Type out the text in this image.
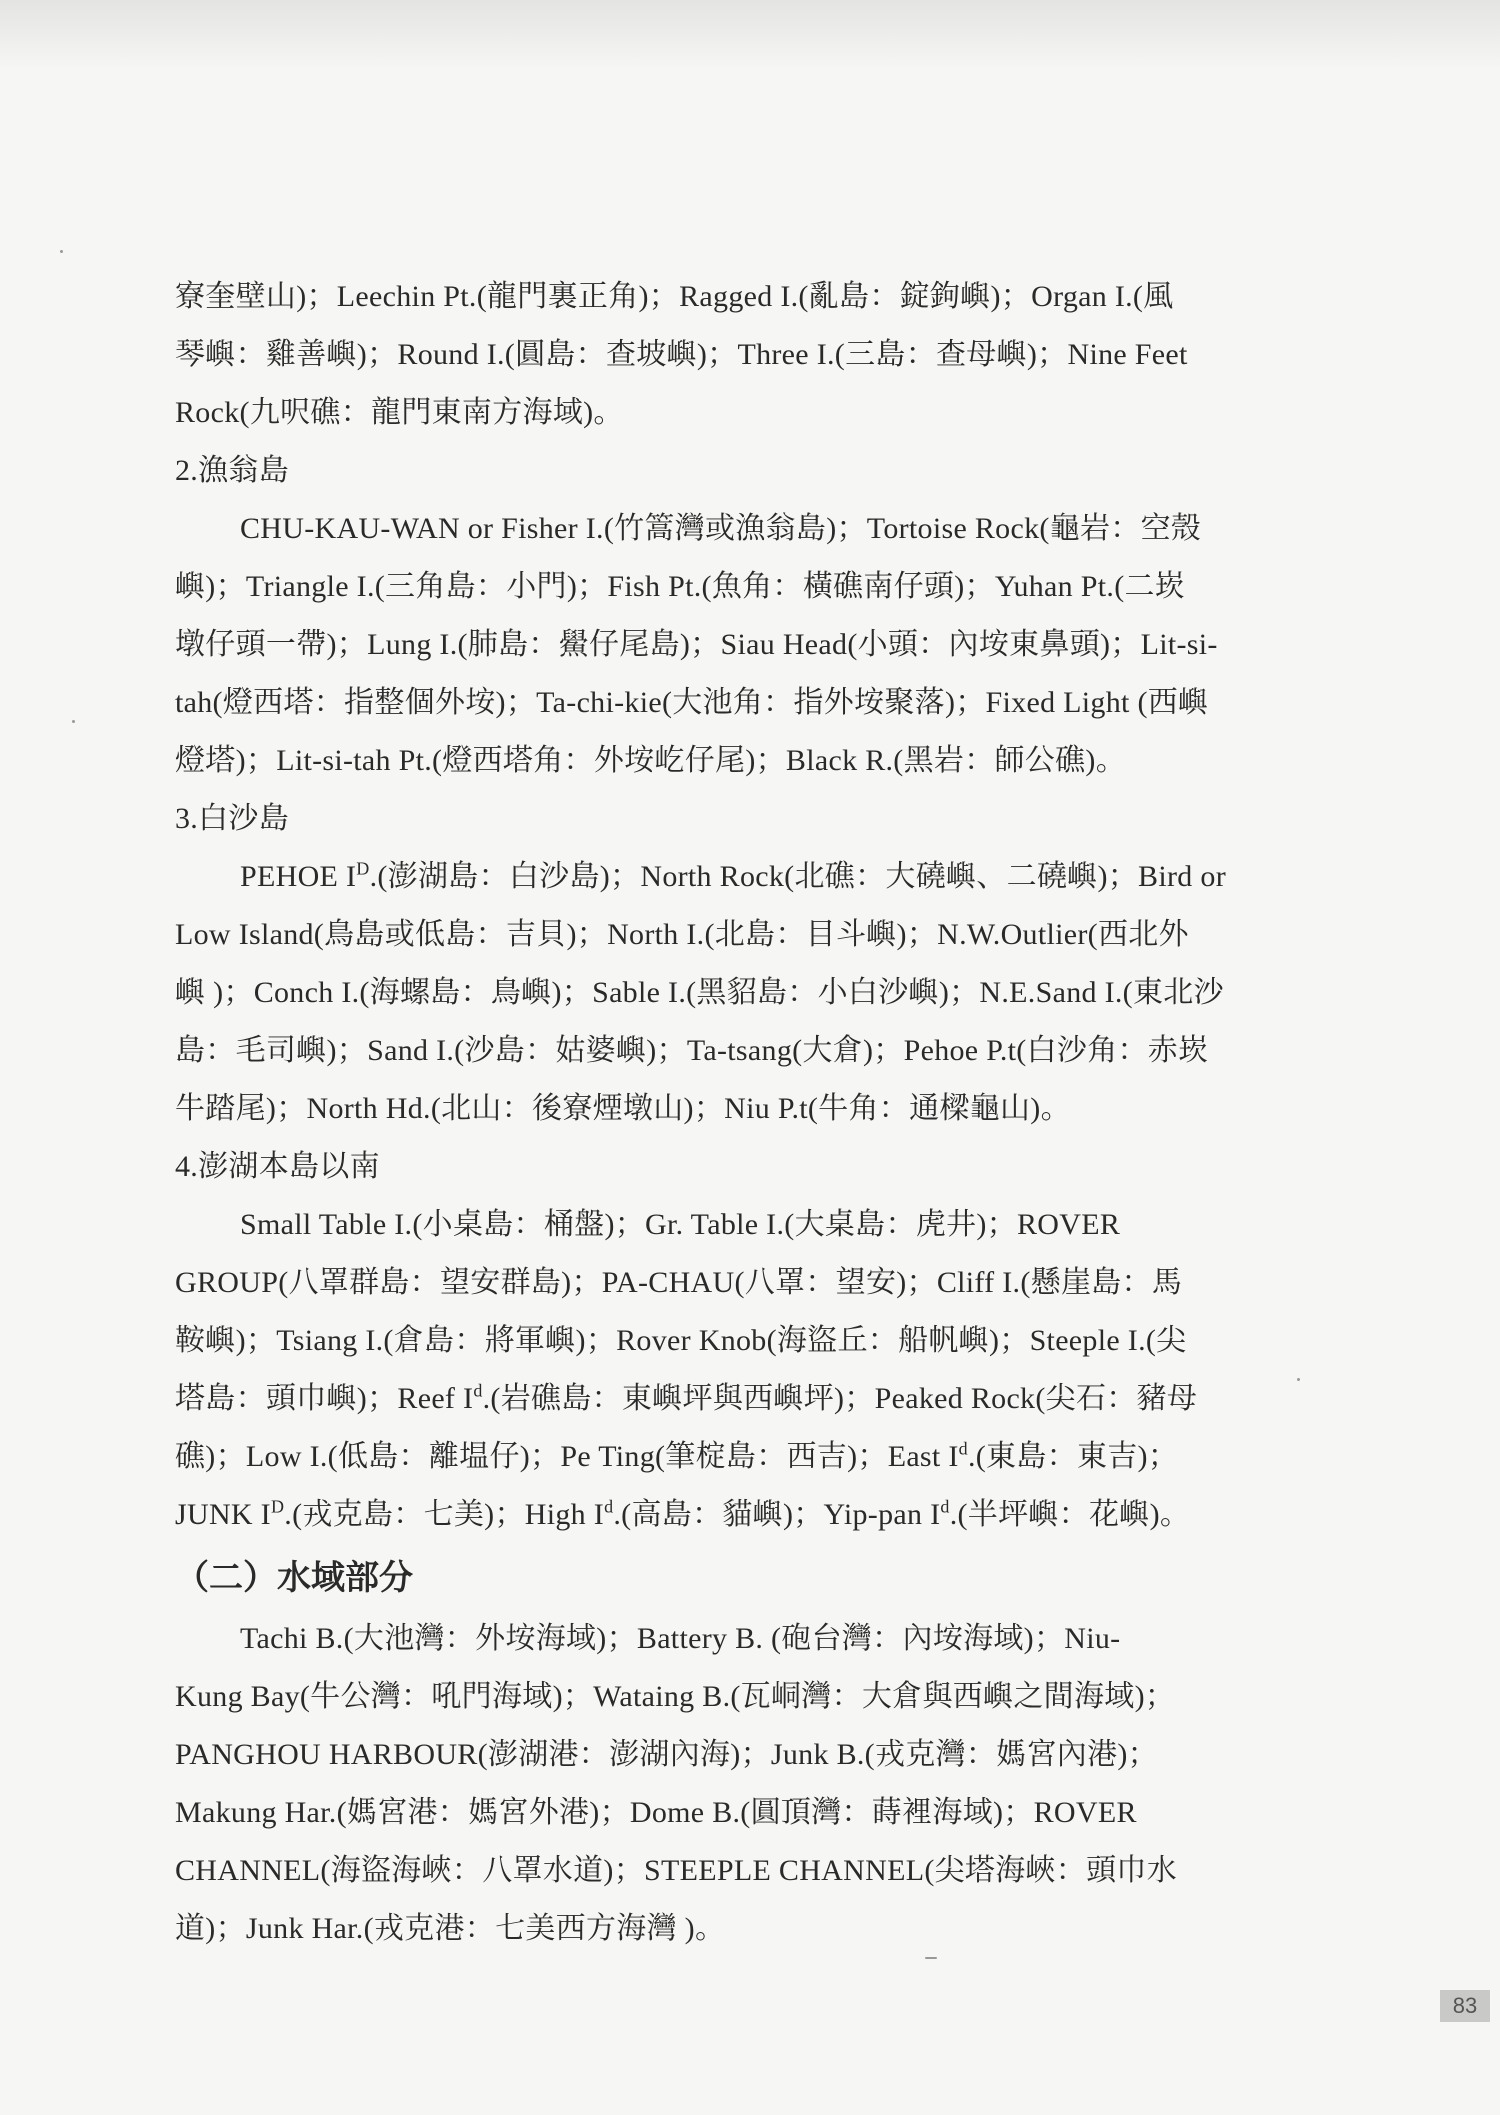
寮奎壁山)；Leechin Pt.(龍門裏正角)；Ragged I.(亂島：錠鉤嶼)；Organ I.(風
琴嶼：雞善嶼)；Round I.(圓島：查坡嶼)；Three I.(三島：查母嶼)；Nine Feet
Rock(九呎礁：龍門東南方海域)。
2.漁翁島
CHU-KAU-WAN or Fisher I.(竹篙灣或漁翁島)；Tortoise Rock(龜岩：空殼
嶼)；Triangle I.(三角島：小門)；Fish Pt.(魚角：橫礁南仔頭)；Yuhan Pt.(二崁
墩仔頭一帶)；Lung I.(肺島：鱟仔尾島)；Siau Head(小頭：內垵東鼻頭)；Lit-si-
tah(燈西塔：指整個外垵)；Ta-chi-kie(大池角：指外垵聚落)；Fixed Light (西嶼
燈塔)；Lit-si-tah Pt.(燈西塔角：外垵屹仔尾)；Black R.(黑岩：師公礁)。
3.白沙島
PEHOE $I^D$.(澎湖島：白沙島)；North Rock(北礁：大磽嶼、二磽嶼)；Bird or
Low Island(鳥島或低島：吉貝)；North I.(北島：目斗嶼)；N.W.Outlier(西北外
嶼 )；Conch I.(海螺島：鳥嶼)；Sable I.(黑貂島：小白沙嶼)；N.E.Sand I.(東北沙
島：毛司嶼)；Sand I.(沙島：姑婆嶼)；Ta-tsang(大倉)；Pehoe P.t(白沙角：赤崁
牛踏尾)；North Hd.(北山：後寮煙墩山)；Niu P.t(牛角：通樑龜山)。
4.澎湖本島以南
Small Table I.(小桌島：桶盤)；Gr. Table I.(大桌島：虎井)；ROVER
GROUP(八罩群島：望安群島)；PA-CHAU(八罩：望安)；Cliff I.(懸崖島：馬
鞍嶼)；Tsiang I.(倉島：將軍嶼)；Rover Knob(海盜丘：船帆嶼)；Steeple I.(尖
塔島：頭巾嶼)；Reef $I^d$.(岩礁島：東嶼坪與西嶼坪)；Peaked Rock(尖石：豬母
礁)；Low I.(低島：離塭仔)；Pe Ting(筆椗島：西吉)；East $I^d$.(東島：東吉)；
JUNK $I^D$.(戎克島：七美)；High $I^d$.(高島：貓嶼)；Yip-pan $I^d$.(半坪嶼：花嶼)。
（二）水域部分
Tachi B.(大池灣：外垵海域)；Battery B. (砲台灣：內垵海域)；Niu-
Kung Bay(牛公灣：吼門海域)；Wataing B.(瓦峒灣：大倉與西嶼之間海域)；
PANGHOU HARBOUR(澎湖港：澎湖內海)；Junk B.(戎克灣：媽宮內港)；
Makung Har.(媽宮港：媽宮外港)；Dome B.(圓頂灣：蒔裡海域)；ROVER
CHANNEL(海盜海峽：八罩水道)；STEEPLE CHANNEL(尖塔海峽：頭巾水
道)；Junk Har.(戎克港：七美西方海灣 )。
83
